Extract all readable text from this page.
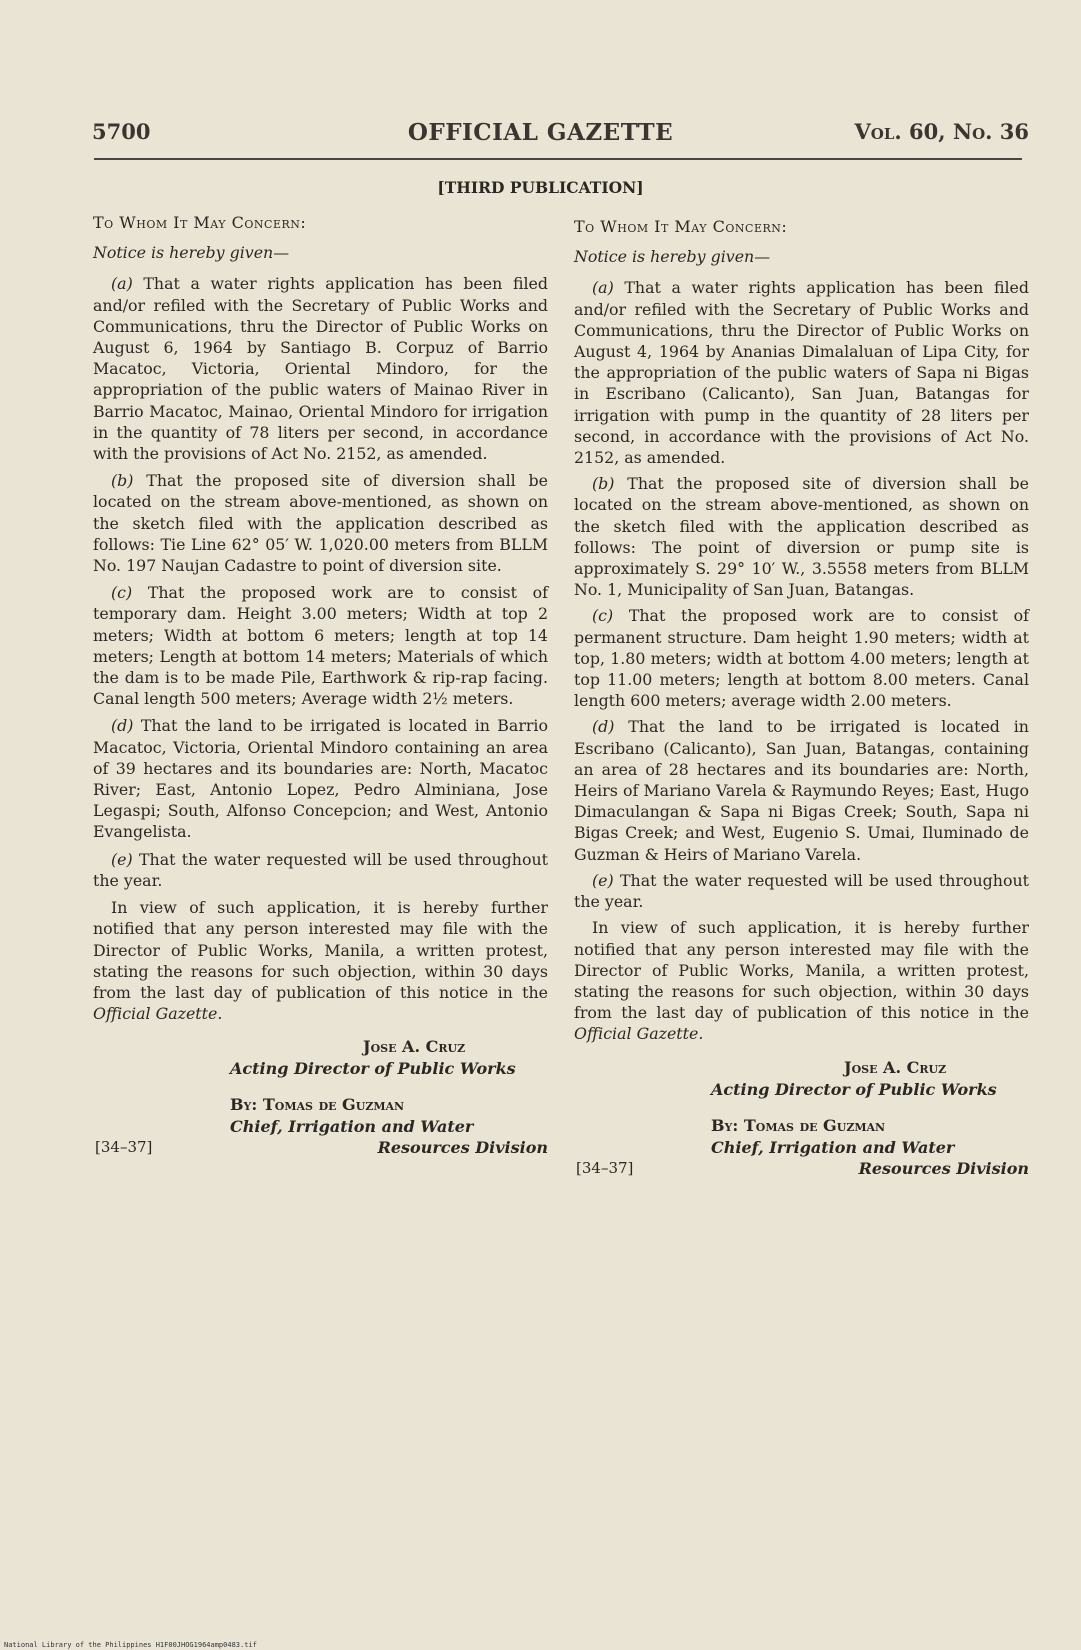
5700	OFFICIAL GAZETTE	Vol. 60, No. 36
[THIRD PUBLICATION]

To Whom It May Concern:

Notice is hereby given—

(a) That a water rights application has been filed and/or refiled with the Secretary of Public Works and Communications, thru the Director of Public Works on August 6, 1964 by Santiago B. Corpuz of Barrio Macatoc, Victoria, Oriental Mindoro, for the appropriation of the public waters of Mainao River in Barrio Macatoc, Mainao, Oriental Mindoro for irrigation in the quantity of 78 liters per second, in accordance with the provisions of Act No. 2152, as amended.

(b) That the proposed site of diversion shall be located on the stream above-mentioned, as shown on the sketch filed with the application described as follows: Tie Line 62° 05′ W. 1,020.00 meters from BLLM No. 197 Naujan Cadastre to point of diversion site.

(c) That the proposed work are to consist of temporary dam. Height 3.00 meters; Width at top 2 meters; Width at bottom 6 meters; length at top 14 meters; Length at bottom 14 meters; Materials of which the dam is to be made Pile, Earthwork & rip-rap facing. Canal length 500 meters; Average width 2½ meters.

(d) That the land to be irrigated is located in Barrio Macatoc, Victoria, Oriental Mindoro containing an area of 39 hectares and its boundaries are: North, Macatoc River; East, Antonio Lopez, Pedro Alminiana, Jose Legaspi; South, Alfonso Concepcion; and West, Antonio Evangelista.

(e) That the water requested will be used throughout the year.

In view of such application, it is hereby further notified that any person interested may file with the Director of Public Works, Manila, a written protest, stating the reasons for such objection, within 30 days from the last day of publication of this notice in the Official Gazette.

Jose A. Cruz
Acting Director of Public Works
By: Tomas de Guzman
Chief, Irrigation and Water
[34–37]	Resources Division

To Whom It May Concern:

Notice is hereby given—

(a) That a water rights application has been filed and/or refiled with the Secretary of Public Works and Communications, thru the Director of Public Works on August 4, 1964 by Ananias Dimalaluan of Lipa City, for the appropriation of the public waters of Sapa ni Bigas in Escribano (Calicanto), San Juan, Batangas for irrigation with pump in the quantity of 28 liters per second, in accordance with the provisions of Act No. 2152, as amended.

(b) That the proposed site of diversion shall be located on the stream above-mentioned, as shown on the sketch filed with the application described as follows: The point of diversion or pump site is approximately S. 29° 10′ W., 3.5558 meters from BLLM No. 1, Municipality of San Juan, Batangas.

(c) That the proposed work are to consist of permanent structure. Dam height 1.90 meters; width at top, 1.80 meters; width at bottom 4.00 meters; length at top 11.00 meters; length at bottom 8.00 meters. Canal length 600 meters; average width 2.00 meters.

(d) That the land to be irrigated is located in Escribano (Calicanto), San Juan, Batangas, containing an area of 28 hectares and its boundaries are: North, Heirs of Mariano Varela & Raymundo Reyes; East, Hugo Dimaculangan & Sapa ni Bigas Creek; South, Sapa ni Bigas Creek; and West, Eugenio S. Umai, Iluminado de Guzman & Heirs of Mariano Varela.

(e) That the water requested will be used throughout the year.

In view of such application, it is hereby further notified that any person interested may file with the Director of Public Works, Manila, a written protest, stating the reasons for such objection, within 30 days from the last day of publication of this notice in the Official Gazette.

Jose A. Cruz
Acting Director of Public Works
By: Tomas de Guzman
Chief, Irrigation and Water
[34–37]	Resources Division
National Library of the Philippines H1F00JHOG1964amp0483.tif
